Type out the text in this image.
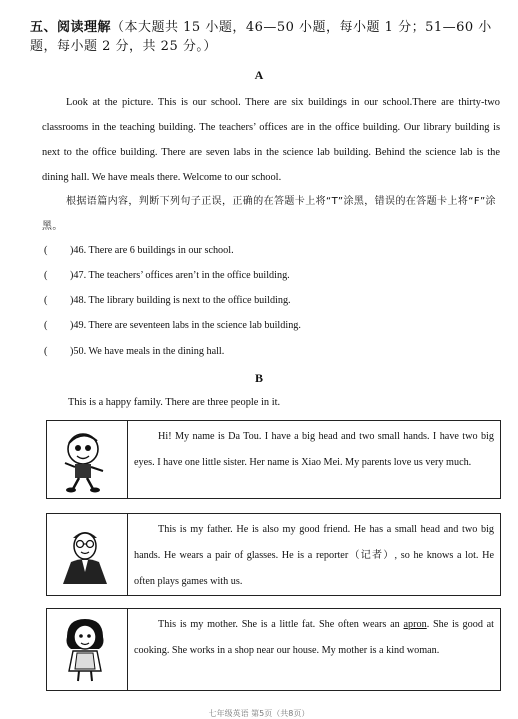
五、阅读理解（本大题共 15 小题，46—50 小题，每小题 1 分；51—60 小题，每小题 2 分，共 25 分。）
A
Look at the picture. This is our school. There are six buildings in our school.There are thirty-two classrooms in the teaching building. The teachers’ offices are in the office building. Our library building is next to the office building. There are seven labs in the science lab building. Behind the science lab is the dining hall. We have meals there. Welcome to our school.
根据语篇内容，判断下列句子正误，正确的在答题卡上将“T”涂黑，错误的在答题卡上将“F”涂黑。
( )46. There are 6 buildings in our school.
( )47. The teachers’ offices aren’t in the office building.
( )48. The library building is next to the office building.
( )49. There are seventeen labs in the science lab building.
( )50. We have meals in the dining hall.
B
This is a happy family. There are three people in it.
Hi! My name is Da Tou. I have a big head and two small hands. I have two big eyes. I have one little sister. Her name is Xiao Mei. My parents love us very much.
This is my father. He is also my good friend. He has a small head and two big hands. He wears a pair of glasses. He is a reporter（记者）, so he knows a lot. He often plays games with us.
This is my mother. She is a little fat. She often wears an apron. She is good at cooking. She works in a shop near our house. My mother is a kind woman.
七年级英语 第5页（共8页）
